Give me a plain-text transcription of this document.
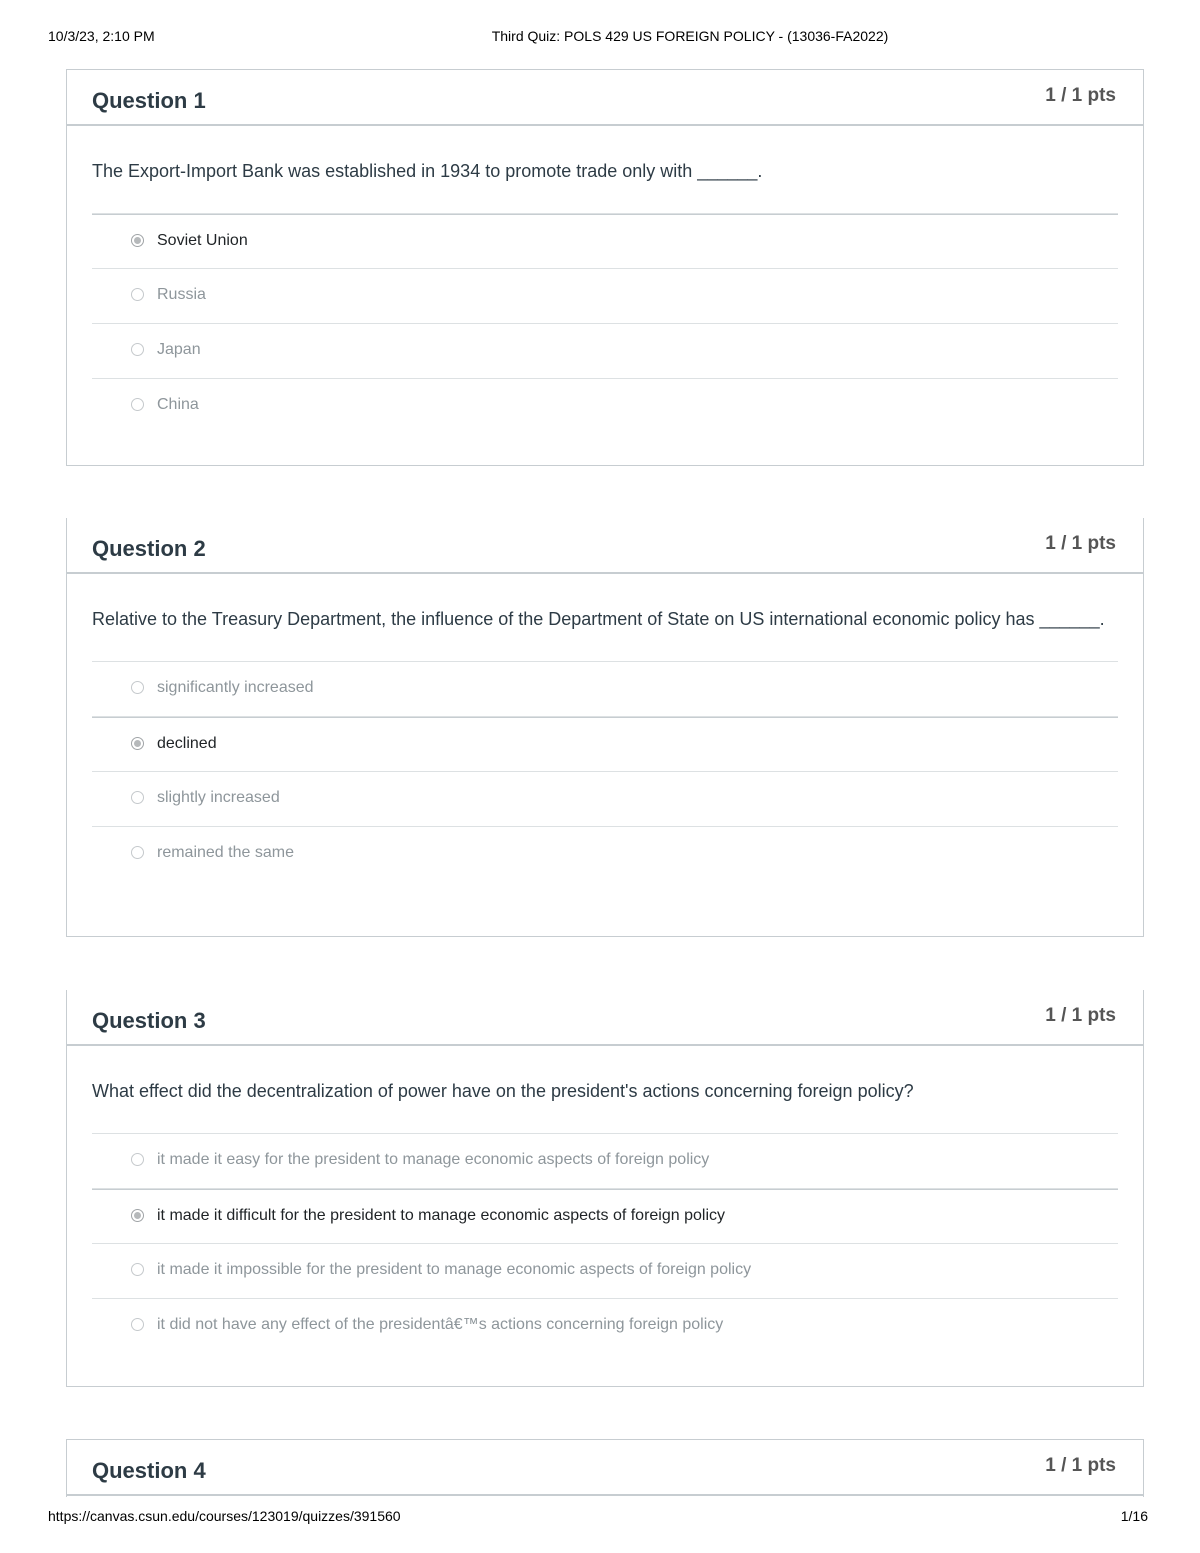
10/3/23, 2:10 PM	Third Quiz: POLS 429 US FOREIGN POLICY - (13036-FA2022)
Question 1	1 / 1 pts

The Export-Import Bank was established in 1934 to promote trade only with ______.

Soviet Union
Russia
Japan
China
Question 2	1 / 1 pts

Relative to the Treasury Department, the influence of the Department of State on US international economic policy has ______.

significantly increased
declined
slightly increased
remained the same
Question 3	1 / 1 pts

What effect did the decentralization of power have on the president's actions concerning foreign policy?

it made it easy for the president to manage economic aspects of foreign policy
it made it difficult for the president to manage economic aspects of foreign policy
it made it impossible for the president to manage economic aspects of foreign policy
it did not have any effect of the presidentâ€™s actions concerning foreign policy
Question 4	1 / 1 pts
https://canvas.csun.edu/courses/123019/quizzes/391560	1/16
